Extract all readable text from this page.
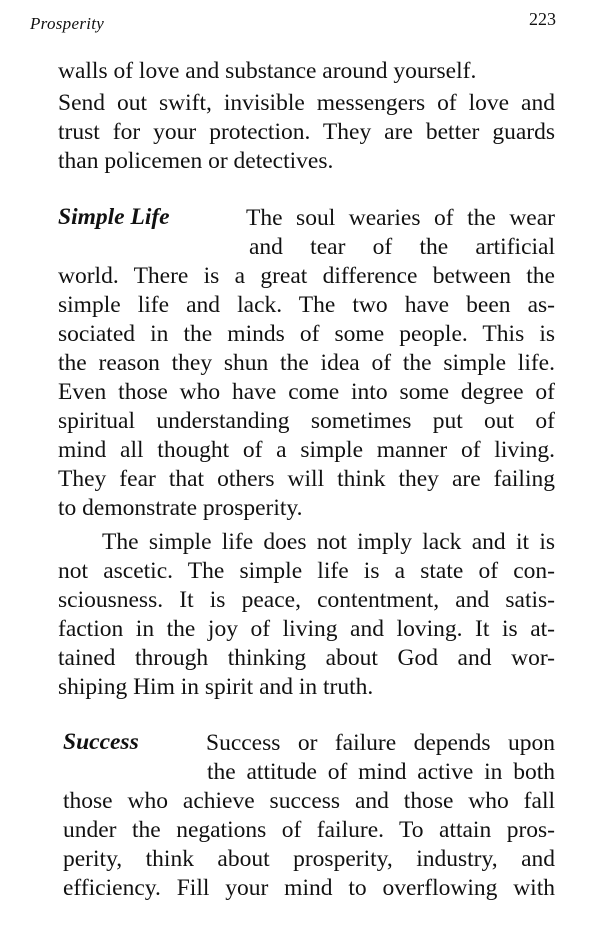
Prosperity	223
walls of love and substance around yourself.
Send out swift, invisible messengers of love and
trust for your protection. They are better guards
than policemen or detectives.
Simple Life	The soul wearies of the wear
and tear of the artificial
world. There is a great difference between the
simple life and lack. The two have been as-
sociated in the minds of some people. This is
the reason they shun the idea of the simple life.
Even those who have come into some degree of
spiritual understanding sometimes put out of
mind all thought of a simple manner of living.
They fear that others will think they are failing
to demonstrate prosperity.
The simple life does not imply lack and it is
not ascetic. The simple life is a state of con-
sciousness. It is peace, contentment, and satis-
faction in the joy of living and loving. It is at-
tained through thinking about God and wor-
shiping Him in spirit and in truth.
Success	Success or failure depends upon
the attitude of mind active in both
those who achieve success and those who fall
under the negations of failure. To attain pros-
perity, think about prosperity, industry, and
efficiency. Fill your mind to overflowing with
